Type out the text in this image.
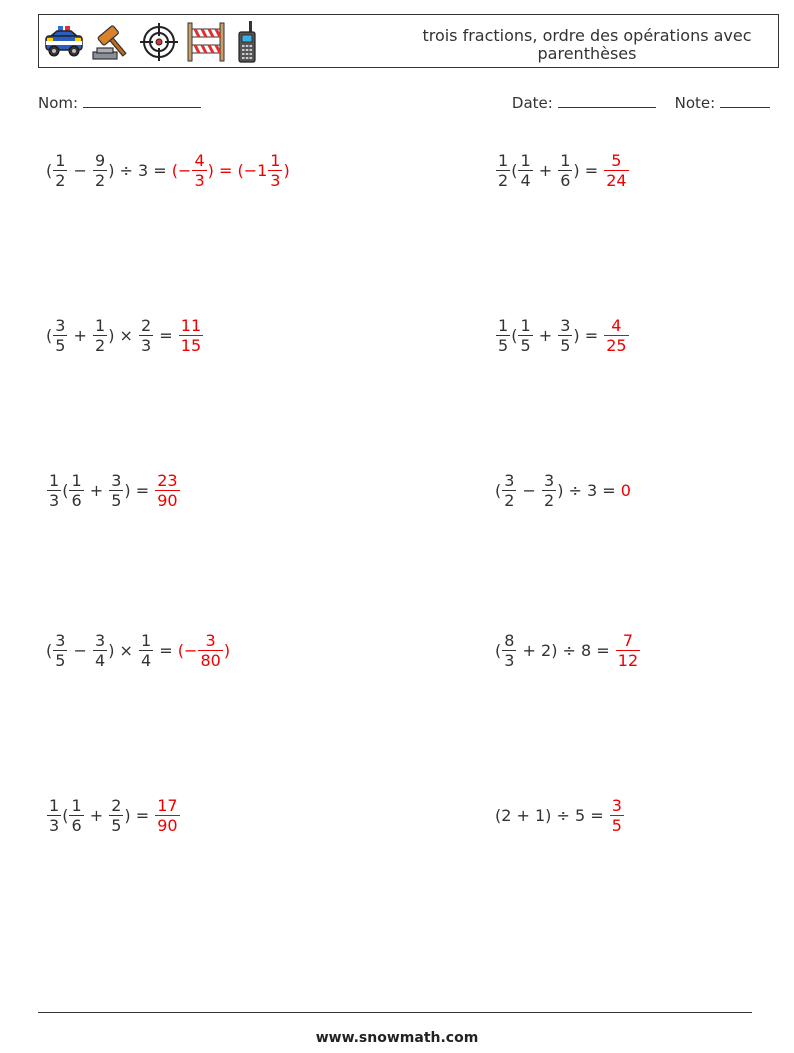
trois fractions, ordre des opérations avec parenthèses
Nom:	Date:	Note:
( $\frac{1}{2} - \frac{9}{2}$ ) ÷ 3 = (− $\frac{4}{3}$ ) = ($-1 \frac{1}{3}$ )	$\frac{1}{2}$ ( $\frac{1}{4} + \frac{1}{6}$ ) = $\frac{5}{24}$
( $\frac{3}{5} + \frac{1}{2}$ ) × $\frac{2}{3} = \frac{11}{15}$	$\frac{1}{5}$ ( $\frac{1}{5} + \frac{3}{5}$ ) = $\frac{4}{25}$
$\frac{1}{3}$ ( $\frac{1}{6} + \frac{3}{5}$ ) = $\frac{23}{90}$	( $\frac{3}{2} - \frac{3}{2}$ ) ÷ 3 = 0
( $\frac{3}{5} - \frac{3}{4}$ ) × $\frac{1}{4}$ = (− $\frac{3}{80}$ )	( $\frac{8}{3} + 2) \div 8 = \frac{7}{12}$
$\frac{1}{3}$ ( $\frac{1}{6} + \frac{2}{5}$ ) = $\frac{17}{90}$	$(2 + 1) \div 5 = \frac{3}{5}$
www.snowmath.com
